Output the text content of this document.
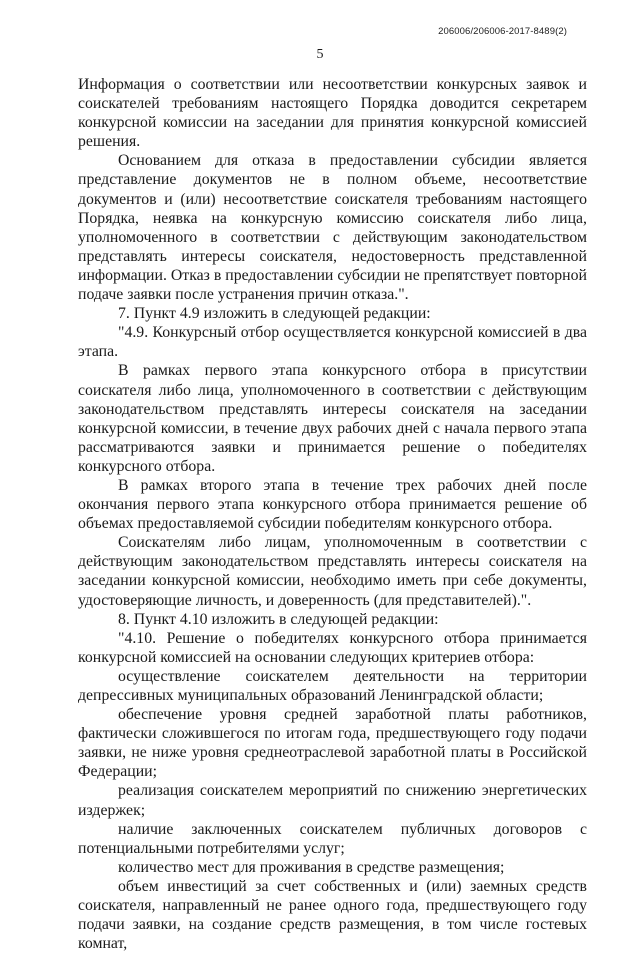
206006/206006-2017-8489(2)
5

Информация о соответствии или несоответствии конкурсных заявок и соискателей требованиям настоящего Порядка доводится секретарем конкурсной комиссии на заседании для принятия конкурсной комиссией решения.

Основанием для отказа в предоставлении субсидии является представление документов не в полном объеме, несоответствие документов и (или) несоответствие соискателя требованиям настоящего Порядка, неявка на конкурсную комиссию соискателя либо лица, уполномоченного в соответствии с действующим законодательством представлять интересы соискателя, недостоверность представленной информации. Отказ в предоставлении субсидии не препятствует повторной подаче заявки после устранения причин отказа.".

7. Пункт 4.9 изложить в следующей редакции:

"4.9. Конкурсный отбор осуществляется конкурсной комиссией в два этапа.

В рамках первого этапа конкурсного отбора в присутствии соискателя либо лица, уполномоченного в соответствии с действующим законодательством представлять интересы соискателя на заседании конкурсной комиссии, в течение двух рабочих дней с начала первого этапа рассматриваются заявки и принимается решение о победителях конкурсного отбора.

В рамках второго этапа в течение трех рабочих дней после окончания первого этапа конкурсного отбора принимается решение об объемах предоставляемой субсидии победителям конкурсного отбора.

Соискателям либо лицам, уполномоченным в соответствии с действующим законодательством представлять интересы соискателя на заседании конкурсной комиссии, необходимо иметь при себе документы, удостоверяющие личность, и доверенность (для представителей).".

8. Пункт 4.10 изложить в следующей редакции:

"4.10. Решение о победителях конкурсного отбора принимается конкурсной комиссией на основании следующих критериев отбора:

осуществление соискателем деятельности на территории депрессивных муниципальных образований Ленинградской области;

обеспечение уровня средней заработной платы работников, фактически сложившегося по итогам года, предшествующего году подачи заявки, не ниже уровня среднеотраслевой заработной платы в Российской Федерации;

реализация соискателем мероприятий по снижению энергетических издержек;

наличие заключенных соискателем публичных договоров с потенциальными потребителями услуг;

количество мест для проживания в средстве размещения;

объем инвестиций за счет собственных и (или) заемных средств соискателя, направленный не ранее одного года, предшествующего году подачи заявки, на создание средств размещения, в том числе гостевых комнат,
